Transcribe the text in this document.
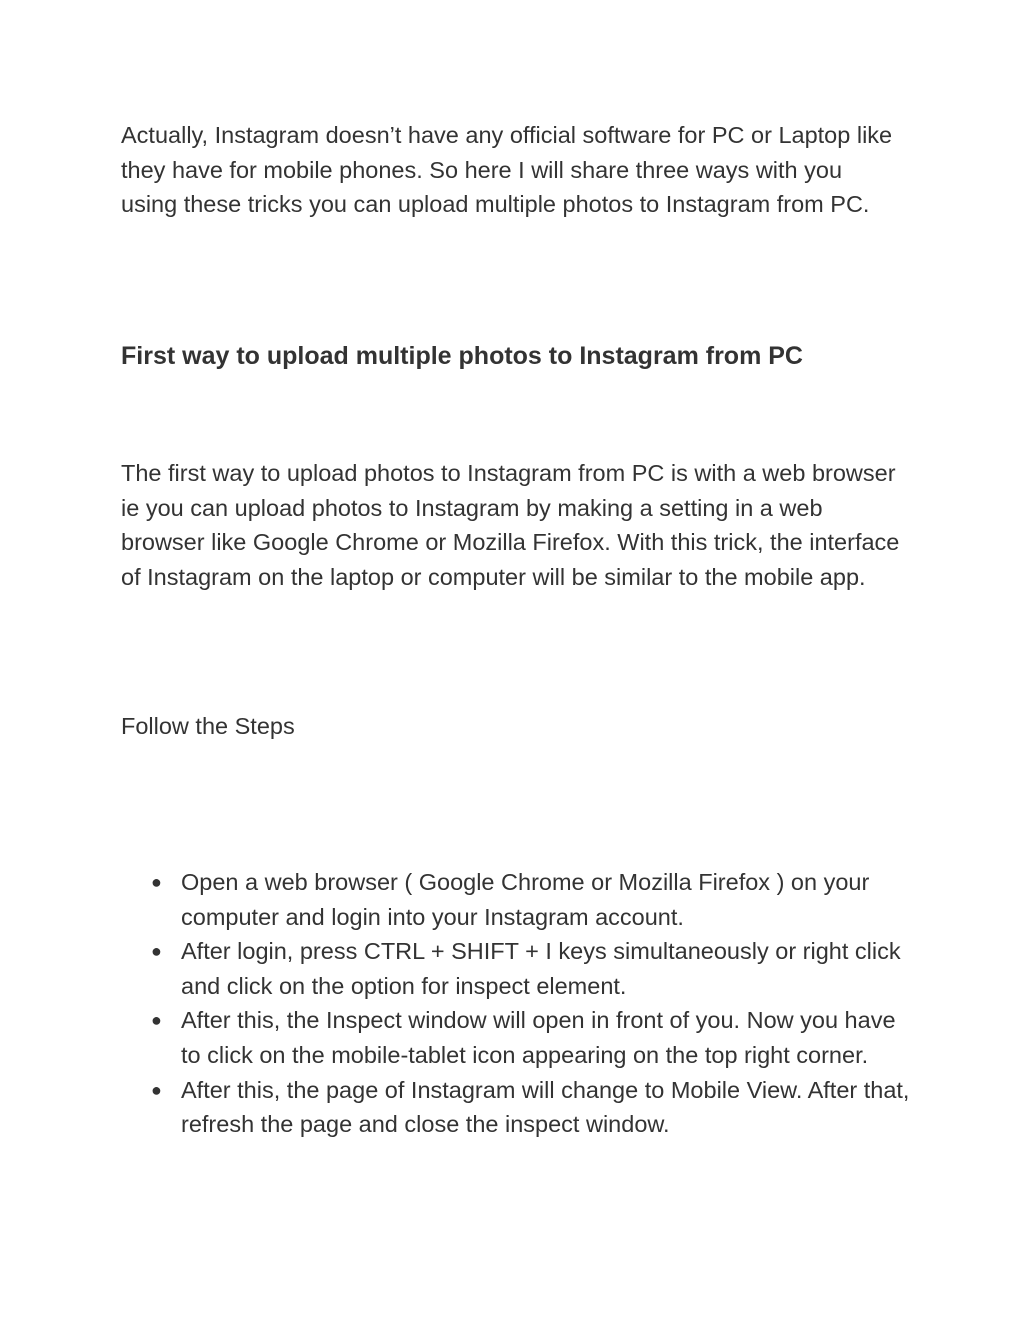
Actually, Instagram doesn’t have any official software for PC or Laptop like they have for mobile phones. So here I will share three ways with you using these tricks you can upload multiple photos to Instagram from PC.

First way to upload multiple photos to Instagram from PC

The first way to upload photos to Instagram from PC is with a web browser ie you can upload photos to Instagram by making a setting in a web browser like Google Chrome or Mozilla Firefox. With this trick, the interface of Instagram on the laptop or computer will be similar to the mobile app.

Follow the Steps

● Open a web browser ( Google Chrome or Mozilla Firefox ) on your computer and login into your Instagram account.
● After login, press CTRL + SHIFT + I keys simultaneously or right click and click on the option for inspect element.
● After this, the Inspect window will open in front of you. Now you have to click on the mobile-tablet icon appearing on the top right corner.
● After this, the page of Instagram will change to Mobile View. After that, refresh the page and close the inspect window.
